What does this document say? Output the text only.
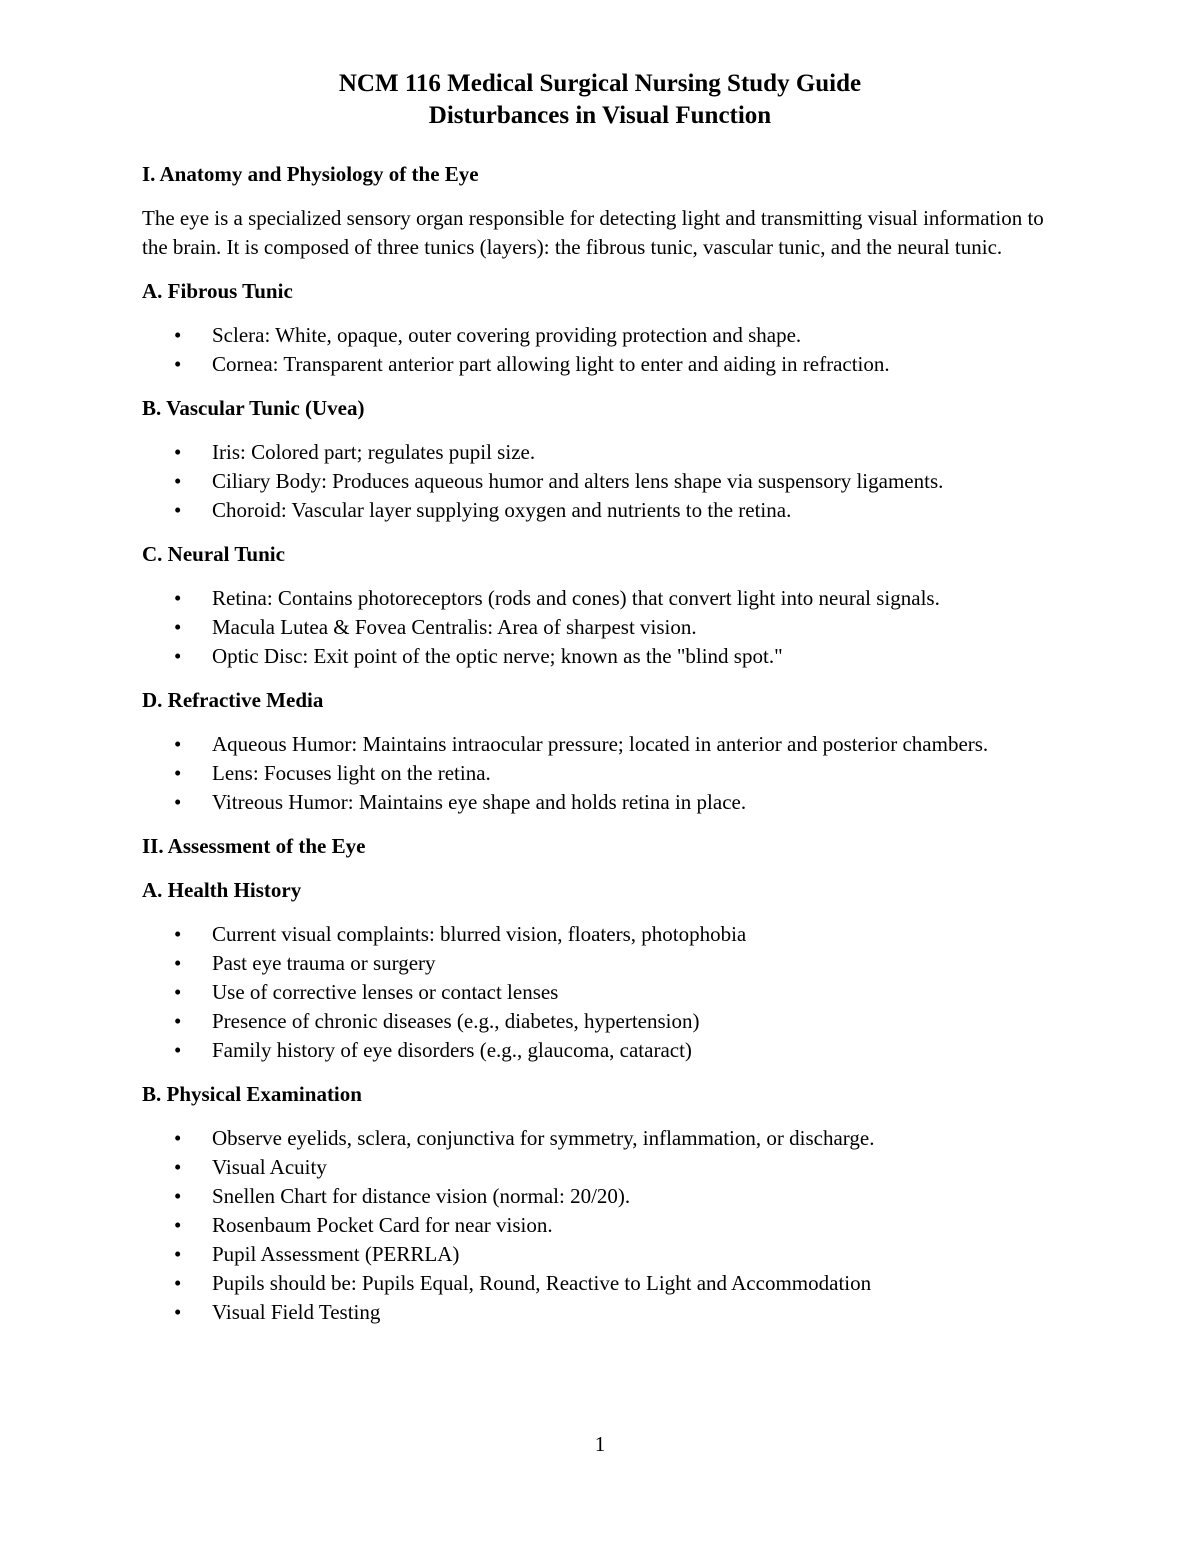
NCM 116 Medical Surgical Nursing Study Guide
Disturbances in Visual Function
I. Anatomy and Physiology of the Eye

The eye is a specialized sensory organ responsible for detecting light and transmitting visual information to the brain. It is composed of three tunics (layers): the fibrous tunic, vascular tunic, and the neural tunic.

A. Fibrous Tunic
• Sclera: White, opaque, outer covering providing protection and shape.
• Cornea: Transparent anterior part allowing light to enter and aiding in refraction.
B. Vascular Tunic (Uvea)
• Iris: Colored part; regulates pupil size.
• Ciliary Body: Produces aqueous humor and alters lens shape via suspensory ligaments.
• Choroid: Vascular layer supplying oxygen and nutrients to the retina.
C. Neural Tunic
• Retina: Contains photoreceptors (rods and cones) that convert light into neural signals.
• Macula Lutea & Fovea Centralis: Area of sharpest vision.
• Optic Disc: Exit point of the optic nerve; known as the "blind spot."
D. Refractive Media
• Aqueous Humor: Maintains intraocular pressure; located in anterior and posterior chambers.
• Lens: Focuses light on the retina.
• Vitreous Humor: Maintains eye shape and holds retina in place.
II. Assessment of the Eye
A. Health History
• Current visual complaints: blurred vision, floaters, photophobia
• Past eye trauma or surgery
• Use of corrective lenses or contact lenses
• Presence of chronic diseases (e.g., diabetes, hypertension)
• Family history of eye disorders (e.g., glaucoma, cataract)
B. Physical Examination
• Observe eyelids, sclera, conjunctiva for symmetry, inflammation, or discharge.
• Visual Acuity
• Snellen Chart for distance vision (normal: 20/20).
• Rosenbaum Pocket Card for near vision.
• Pupil Assessment (PERRLA)
• Pupils should be: Pupils Equal, Round, Reactive to Light and Accommodation
• Visual Field Testing
1
